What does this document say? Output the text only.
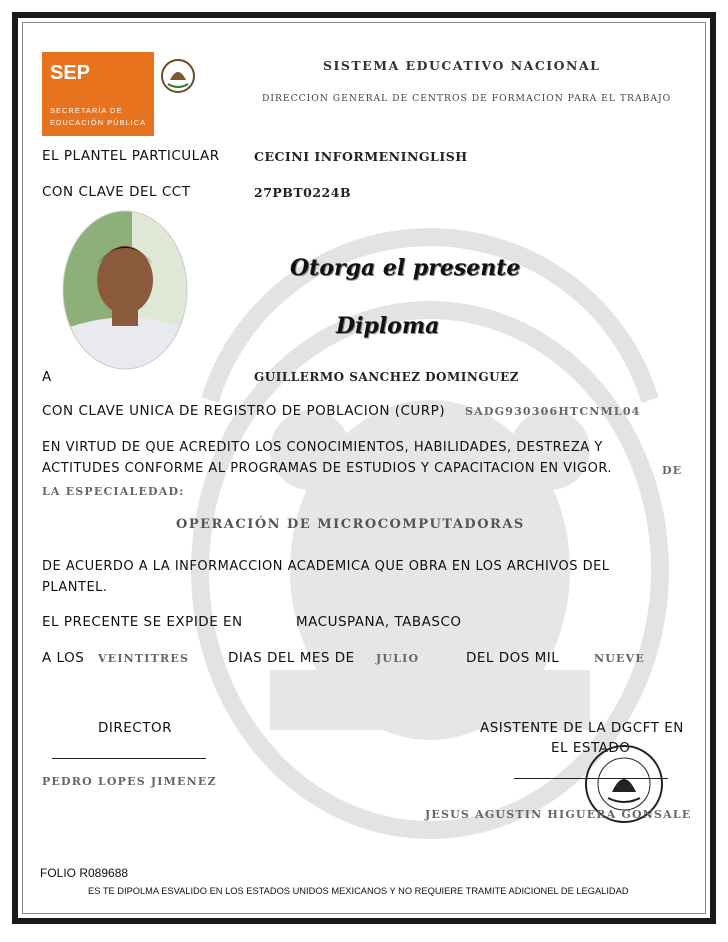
SEP
SECRETARÍA DE
EDUCACIÓN PÚBLICA
SISTEMA EDUCATIVO NACIONAL
DIRECCION GENERAL DE CENTROS DE FORMACION PARA EL TRABAJO
EL PLANTEL PARTICULAR	CECINI INFORMENINGLISH
CON CLAVE DEL CCT	27PBT0224B
Otorga el presente
Diploma
A	GUILLERMO SANCHEZ DOMINGUEZ
CON CLAVE UNICA DE REGISTRO DE POBLACION (CURP) SADG930306HTCNML04
EN VIRTUD DE QUE ACREDITO LOS CONOCIMIENTOS, HABILIDADES, DESTREZA Y
ACTITUDES CONFORME AL PROGRAMAS DE ESTUDIOS Y CAPACITACION EN VIGOR.	DE
LA ESPECIALEDAD:
OPERACIÓN DE MICROCOMPUTADORAS
DE ACUERDO A LA INFORMACCION ACADEMICA QUE OBRA EN LOS ARCHIVOS DEL
PLANTEL.
EL PRECENTE SE EXPIDE EN	MACUSPANA, TABASCO
A LOS VEINTITRES	DIAS DEL MES DE JULIO	DEL DOS MIL	NUEVE
DIRECTOR
PEDRO LOPES JIMENEZ
ASISTENTE DE LA DGCFT EN
EL ESTADO
JESUS AGUSTIN HIGUERA GONSALE
FOLIO R089688
ES TE DIPOLMA ESVALIDO EN LOS ESTADOS UNIDOS MEXICANOS Y NO REQUIERE TRAMITE ADICIONEL DE LEGALIDAD
